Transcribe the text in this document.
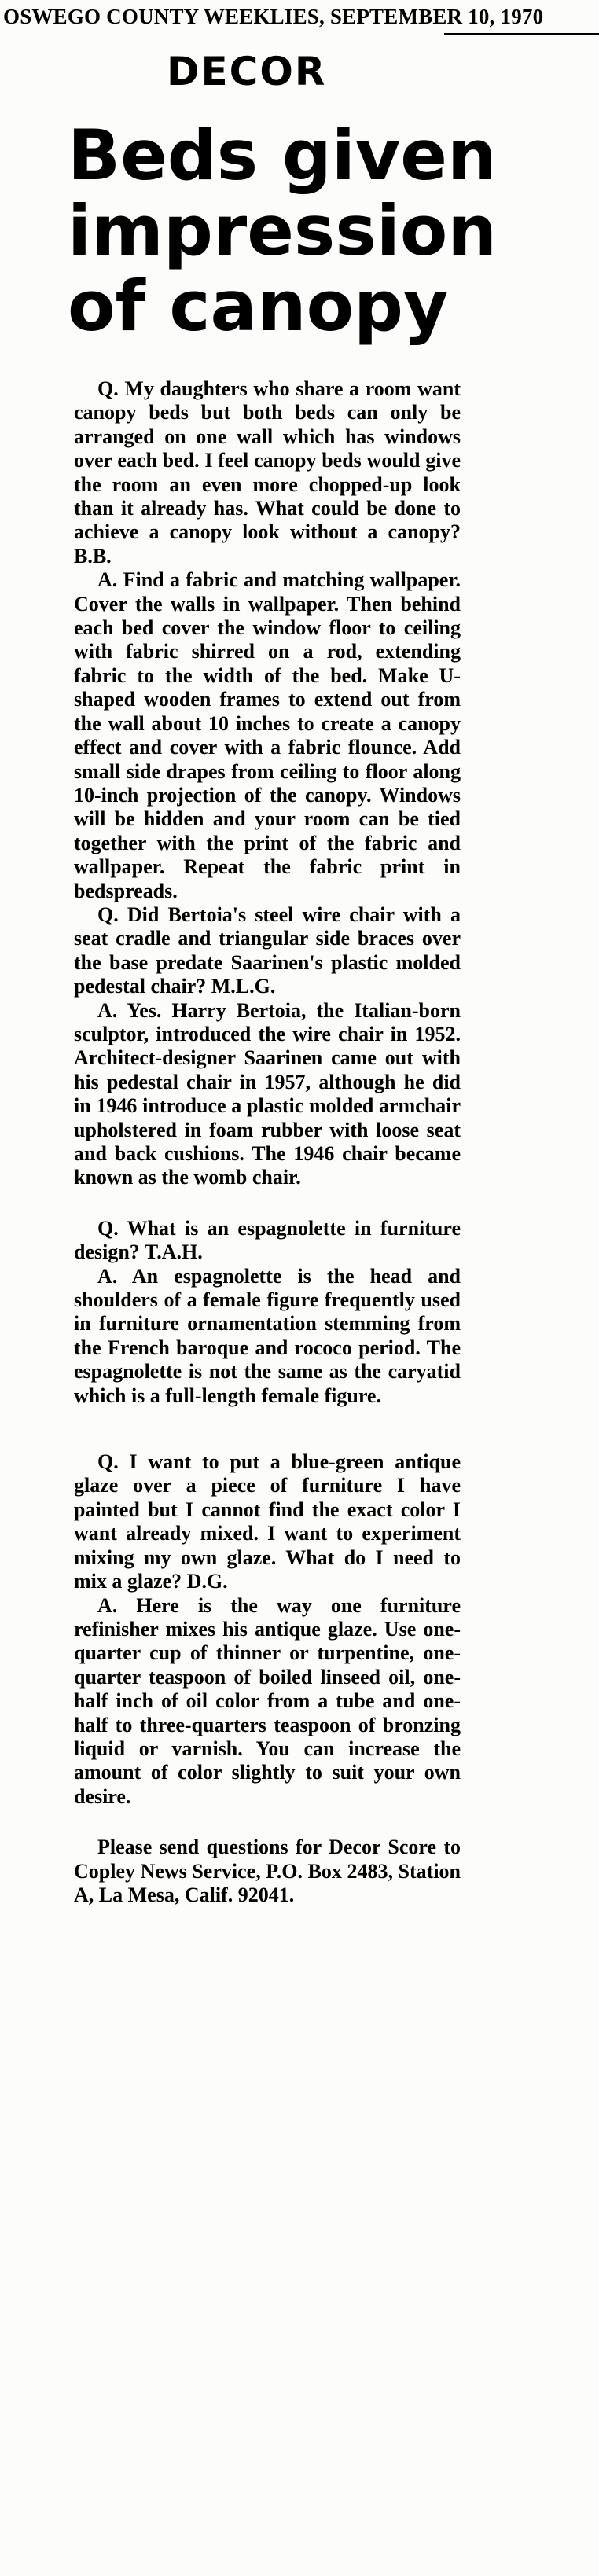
OSWEGO COUNTY WEEKLIES, SEPTEMBER 10, 1970
DECOR
Beds given
impression
of canopy

Q. My daughters who share a room want canopy beds but both beds can only be arranged on one wall which has windows over each bed. I feel canopy beds would give the room an even more chopped-up look than it already has. What could be done to achieve a canopy look without a canopy? B.B.

A. Find a fabric and matching wallpaper. Cover the walls in wallpaper. Then behind each bed cover the window floor to ceiling with fabric shirred on a rod, extending fabric to the width of the bed. Make U-shaped wooden frames to extend out from the wall about 10 inches to create a canopy effect and cover with a fabric flounce. Add small side drapes from ceiling to floor along 10-inch projection of the canopy. Windows will be hidden and your room can be tied together with the print of the fabric and wallpaper. Repeat the fabric print in bedspreads.

Q. Did Bertoia's steel wire chair with a seat cradle and triangular side braces over the base predate Saarinen's plastic molded pedestal chair? M.L.G.

A. Yes. Harry Bertoia, the Italian-born sculptor, introduced the wire chair in 1952. Architect-designer Saarinen came out with his pedestal chair in 1957, although he did in 1946 introduce a plastic molded armchair upholstered in foam rubber with loose seat and back cushions. The 1946 chair became known as the womb chair.

Q. What is an espagnolette in furniture design? T.A.H.

A. An espagnolette is the head and shoulders of a female figure frequently used in furniture ornamentation stemming from the French baroque and rococo period. The espagnolette is not the same as the caryatid which is a full-length female figure.

Q. I want to put a blue-green antique glaze over a piece of furniture I have painted but I cannot find the exact color I want already mixed. I want to experiment mixing my own glaze. What do I need to mix a glaze? D.G.

A. Here is the way one furniture refinisher mixes his antique glaze. Use one-quarter cup of thinner or turpentine, one-quarter teaspoon of boiled linseed oil, one-half inch of oil color from a tube and one-half to three-quarters teaspoon of bronzing liquid or varnish. You can increase the amount of color slightly to suit your own desire.

Please send questions for Decor Score to Copley News Service, P.O. Box 2483, Station A, La Mesa, Calif. 92041.
